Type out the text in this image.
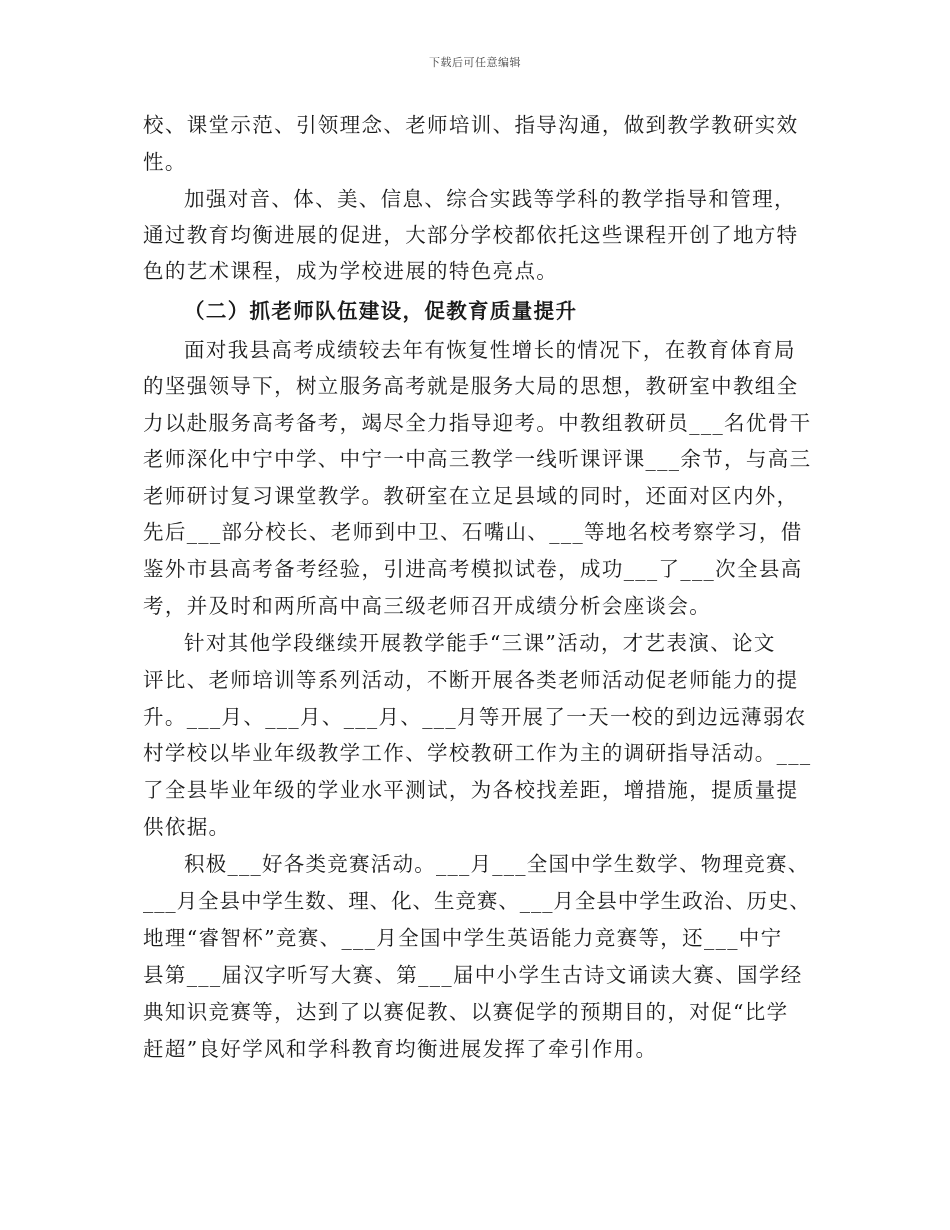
下载后可任意编辑
校、课堂示范、引领理念、老师培训、指导沟通，做到教学教研实效
性。
加强对音、体、美、信息、综合实践等学科的教学指导和管理，
通过教育均衡进展的促进，大部分学校都依托这些课程开创了地方特
色的艺术课程，成为学校进展的特色亮点。
（二）抓老师队伍建设，促教育质量提升
面对我县高考成绩较去年有恢复性增长的情况下，在教育体育局
的坚强领导下，树立服务高考就是服务大局的思想，教研室中教组全
力以赴服务高考备考，竭尽全力指导迎考。中教组教研员___名优骨干
老师深化中宁中学、中宁一中高三教学一线听课评课___余节，与高三
老师研讨复习课堂教学。教研室在立足县域的同时，还面对区内外，
先后___部分校长、老师到中卫、石嘴山、___等地名校考察学习，借
鉴外市县高考备考经验，引进高考模拟试卷，成功___了___次全县高
考，并及时和两所高中高三级老师召开成绩分析会座谈会。
针对其他学段继续开展教学能手“三课”活动，才艺表演、论文
评比、老师培训等系列活动，不断开展各类老师活动促老师能力的提
升。___月、___月、___月、___月等开展了一天一校的到边远薄弱农
村学校以毕业年级教学工作、学校教研工作为主的调研指导活动。___
了全县毕业年级的学业水平测试，为各校找差距，增措施，提质量提
供依据。
积极___好各类竞赛活动。___月___全国中学生数学、物理竞赛、
___月全县中学生数、理、化、生竞赛、___月全县中学生政治、历史、
地理“睿智杯”竞赛、___月全国中学生英语能力竞赛等，还___中宁
县第___届汉字听写大赛、第___届中小学生古诗文诵读大赛、国学经
典知识竞赛等，达到了以赛促教、以赛促学的预期目的，对促“比学
赶超”良好学风和学科教育均衡进展发挥了牵引作用。
